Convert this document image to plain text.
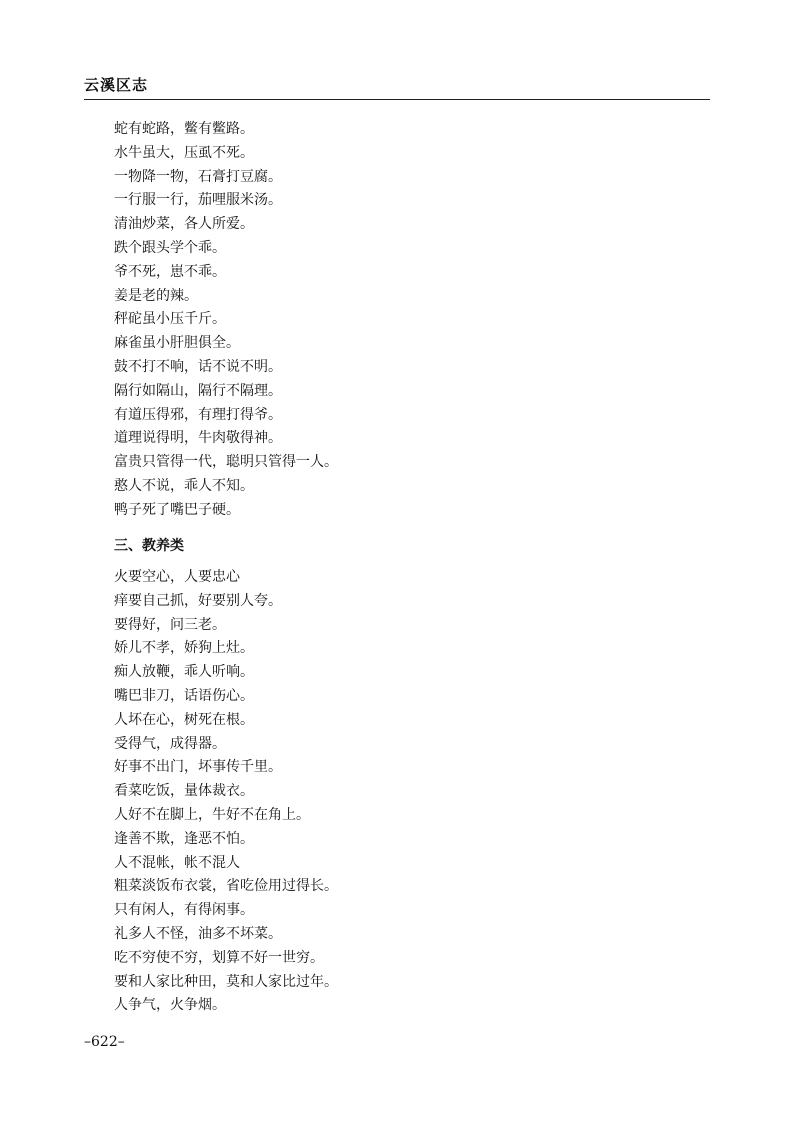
云溪区志
蛇有蛇路，鳖有鳖路。
水牛虽大，压虱不死。
一物降一物，石膏打豆腐。
一行服一行，茄哩服米汤。
清油炒菜，各人所爱。
跌个跟头学个乖。
爷不死，崽不乖。
姜是老的辣。
秤砣虽小压千斤。
麻雀虽小肝胆俱全。
鼓不打不响，话不说不明。
隔行如隔山，隔行不隔理。
有道压得邪，有理打得爷。
道理说得明，牛肉敬得神。
富贵只管得一代，聪明只管得一人。
憨人不说，乖人不知。
鸭子死了嘴巴子硬。
三、教养类
火要空心，人要忠心
痒要自己抓，好要别人夸。
要得好，问三老。
娇儿不孝，娇狗上灶。
痴人放鞭，乖人听响。
嘴巴非刀，话语伤心。
人坏在心，树死在根。
受得气，成得器。
好事不出门，坏事传千里。
看菜吃饭，量体裁衣。
人好不在脚上，牛好不在角上。
逢善不欺，逢恶不怕。
人不混帐，帐不混人
粗菜淡饭布衣裳，省吃俭用过得长。
只有闲人，有得闲事。
礼多人不怪，油多不坏菜。
吃不穷使不穷，划算不好一世穷。
要和人家比种田，莫和人家比过年。
人争气，火争烟。
–622–
